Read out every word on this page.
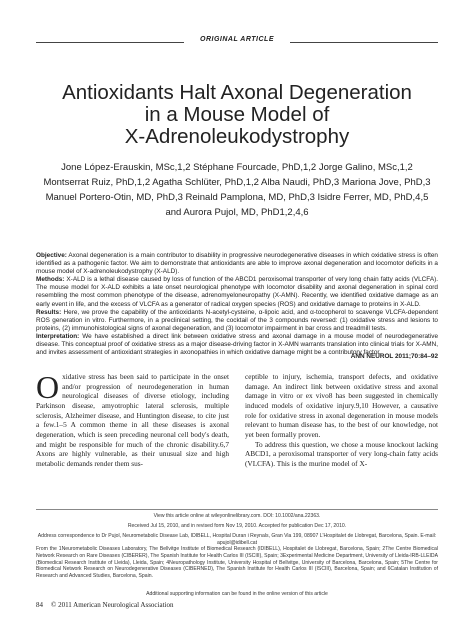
ORIGINAL ARTICLE
Antioxidants Halt Axonal Degeneration
in a Mouse Model of
X-Adrenoleukodystrophy
Jone López-Erauskin, MSc,1,2 Stéphane Fourcade, PhD,1,2 Jorge Galino, MSc,1,2
Montserrat Ruiz, PhD,1,2 Agatha Schlüter, PhD,1,2 Alba Naudi, PhD,3 Mariona Jove, PhD,3
Manuel Portero-Otin, MD, PhD,3 Reinald Pamplona, MD, PhD,3 Isidre Ferrer, MD, PhD,4,5
and Aurora Pujol, MD, PhD1,2,4,6

Objective: Axonal degeneration is a main contributor to disability in progressive neurodegenerative diseases in which oxidative stress is often identified as a pathogenic factor. We aim to demonstrate that antioxidants are able to improve axonal degeneration and locomotor deficits in a mouse model of X-adrenoleukodystrophy (X-ALD).

Methods: X-ALD is a lethal disease caused by loss of function of the ABCD1 peroxisomal transporter of very long chain fatty acids (VLCFA). The mouse model for X-ALD exhibits a late onset neurological phenotype with locomotor disability and axonal degeneration in spinal cord resembling the most common phenotype of the disease, adrenomyeloneuropathy (X-AMN). Recently, we identified oxidative damage as an early event in life, and the excess of VLCFA as a generator of radical oxygen species (ROS) and oxidative damage to proteins in X-ALD.

Results: Here, we prove the capability of the antioxidants N-acetyl-cysteine, α-lipoic acid, and α-tocopherol to scavenge VLCFA-dependent ROS generation in vitro. Furthermore, in a preclinical setting, the cocktail of the 3 compounds reversed: (1) oxidative stress and lesions to proteins, (2) immunohistological signs of axonal degeneration, and (3) locomotor impairment in bar cross and treadmill tests.

Interpretation: We have established a direct link between oxidative stress and axonal damage in a mouse model of neurodegenerative disease. This conceptual proof of oxidative stress as a major disease-driving factor in X-AMN warrants translation into clinical trials for X-AMN, and invites assessment of antioxidant strategies in axonopathies in which oxidative damage might be a contributory factor.

ANN NEUROL 2011;70:84–92

Oxidative stress has been said to participate in the onset and/or progression of neurodegeneration in human neurological diseases of diverse etiology, including Parkinson disease, amyotrophic lateral sclerosis, multiple sclerosis, Alzheimer disease, and Huntington disease, to cite just a few.1–5 A common theme in all these diseases is axonal degeneration, which is seen preceding neuronal cell body's death, and might be responsible for much of the chronic disability.6,7 Axons are highly vulnerable, as their unusual size and high metabolic demands render them sus-

ceptible to injury, ischemia, transport defects, and oxidative damage. An indirect link between oxidative stress and axonal damage in vitro or ex vivo8 has been suggested in chemically induced models of oxidative injury.9,10 However, a causative role for oxidative stress in axonal degeneration in mouse models relevant to human disease has, to the best of our knowledge, not yet been formally proven.

To address this question, we chose a mouse knockout lacking ABCD1, a peroxisomal transporter of very long-chain fatty acids (VLCFA). This is the murine model of X-

View this article online at wileyonlinelibrary.com. DOI: 10.1002/ana.22363.
Received Jul 15, 2010, and in revised form Nov 19, 2010. Accepted for publication Dec 17, 2010.
Address correspondence to Dr Pujol, Neurometabolic Disease Lab, IDIBELL, Hospital Duran i Reynals, Gran Via 199, 08907 L'Hospitalet de Llobregat, Barcelona, Spain. E-mail: apujol@idibell.cat
From the 1Neurometabolic Diseases Laboratory, The Bellvitge Institute of Biomedical Research (IDIBELL), Hospitalet de Llobregat, Barcelona, Spain; 2The Centre Biomedical Network Research on Rare Diseases (CIBERER), The Spanish Institute for Health Carlos III (ISCIII), Spain; 3Experimental Medicine Department, University of Lleida-IRB-LLEIDA (Biomedical Research Institute of Lleida), Lleida, Spain; 4Neuropathology Institute, University Hospital of Bellvitge, University of Barcelona, Barcelona, Spain; 5The Centre for Biomedical Network Research on Neurodegenerative Diseases (CIBERNED), The Spanish Institute for Health Carlos III (ISCIII), Barcelona, Spain; and 6Catalan Institution of Research and Advanced Studies, Barcelona, Spain.
Additional supporting information can be found in the online version of this article
84 © 2011 American Neurological Association
